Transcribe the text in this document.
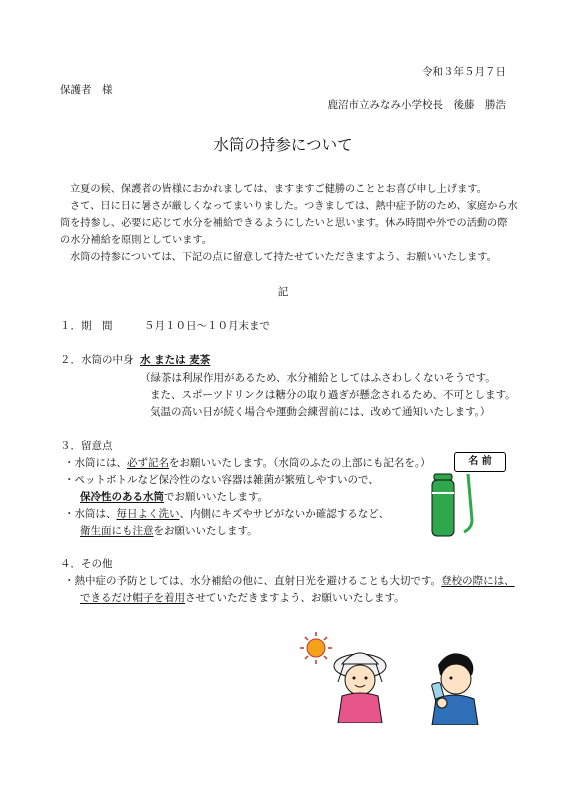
令和３年５月７日
保護者　様
鹿沼市立みなみ小学校長　後藤　勝浩
水筒の持参について
立夏の候、保護者の皆様におかれましては、ますますご健勝のこととお喜び申し上げます。
さて、日に日に暑さが厳しくなってまいりました。つきましては、熱中症予防のため、家庭から水
筒を持参し、必要に応じて水分を補給できるようにしたいと思います。休み時間や外での活動の際
の水分補給を原則としています。
水筒の持参については、下記の点に留意して持たせていただきますよう、お願いいたします。
記
１．期　間	５月１０日～１０月末まで
２．水筒の中身 水 または 麦茶
（緑茶は利尿作用があるため、水分補給としてはふさわしくないそうです。
また、スポーツドリンクは糖分の取り過ぎが懸念されるため、不可とします。
気温の高い日が続く場合や運動会練習前には、改めて通知いたします。）
３．留意点
・ 水筒には、必ず記名をお願いいたします。（水筒のふたの上部にも記名を。）
・ ペットボトルなど保冷性のない容器は雑菌が繁殖しやすいので、
保冷性のある水筒でお願いいたします。
・ 水筒は、毎日よく洗い、内側にキズやサビがないか確認するなど、
衛生面にも注意をお願いいたします。
名 前
４．その他
・ 熱中症の予防としては、水分補給の他に、直射日光を避けることも大切です。登校の際には、
できるだけ帽子を着用させていただきますよう、お願いいたします。
